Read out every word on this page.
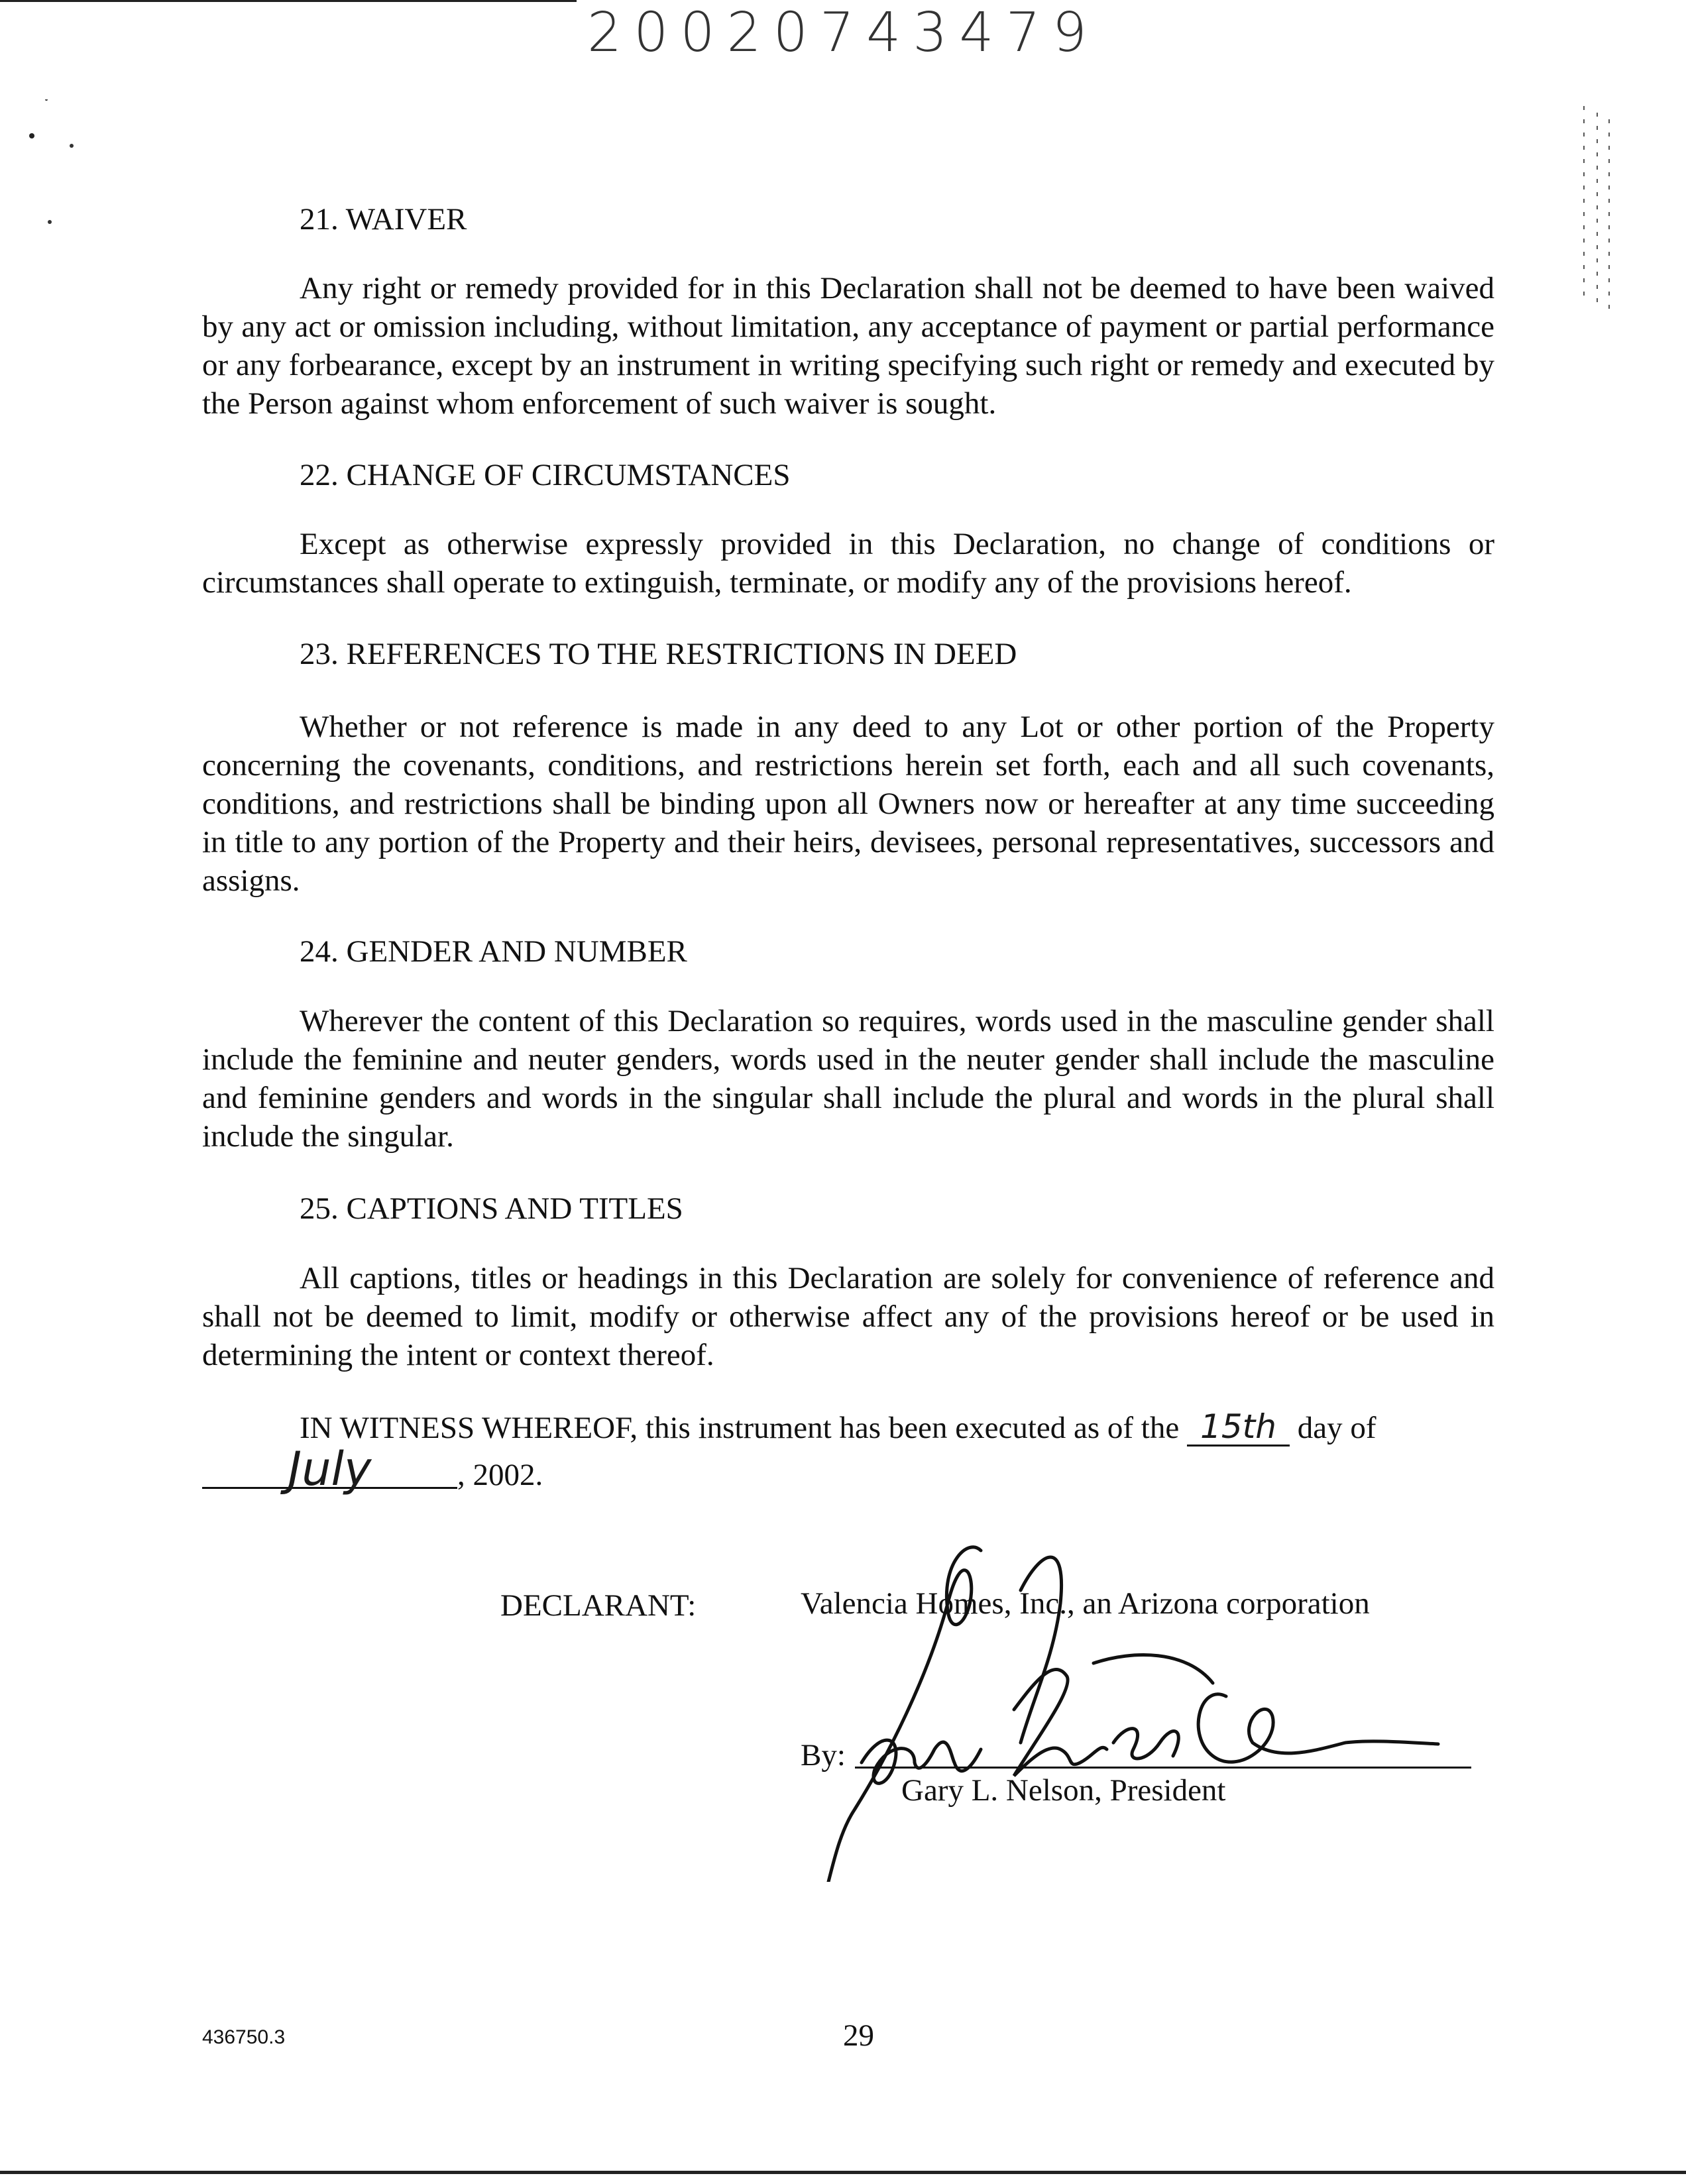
20020743479

21. WAIVER

Any right or remedy provided for in this Declaration shall not be deemed to have been waived by any act or omission including, without limitation, any acceptance of payment or partial performance or any forbearance, except by an instrument in writing specifying such right or remedy and executed by the Person against whom enforcement of such waiver is sought.

22. CHANGE OF CIRCUMSTANCES

Except as otherwise expressly provided in this Declaration, no change of conditions or circumstances shall operate to extinguish, terminate, or modify any of the provisions hereof.

23. REFERENCES TO THE RESTRICTIONS IN DEED

Whether or not reference is made in any deed to any Lot or other portion of the Property concerning the covenants, conditions, and restrictions herein set forth, each and all such covenants, conditions, and restrictions shall be binding upon all Owners now or hereafter at any time succeeding in title to any portion of the Property and their heirs, devisees, personal representatives, successors and assigns.

24. GENDER AND NUMBER

Wherever the content of this Declaration so requires, words used in the masculine gender shall include the feminine and neuter genders, words used in the neuter gender shall include the masculine and feminine genders and words in the singular shall include the plural and words in the plural shall include the singular.

25. CAPTIONS AND TITLES

All captions, titles or headings in this Declaration are solely for convenience of reference and shall not be deemed to limit, modify or otherwise affect any of the provisions hereof or be used in determining the intent or context thereof.

IN WITNESS WHEREOF, this instrument has been executed as of the 15th day of
July	, 2002.
DECLARANT:	Valencia Homes, Inc., an Arizona corporation
By:
Gary L. Nelson, President
436750.3	29
